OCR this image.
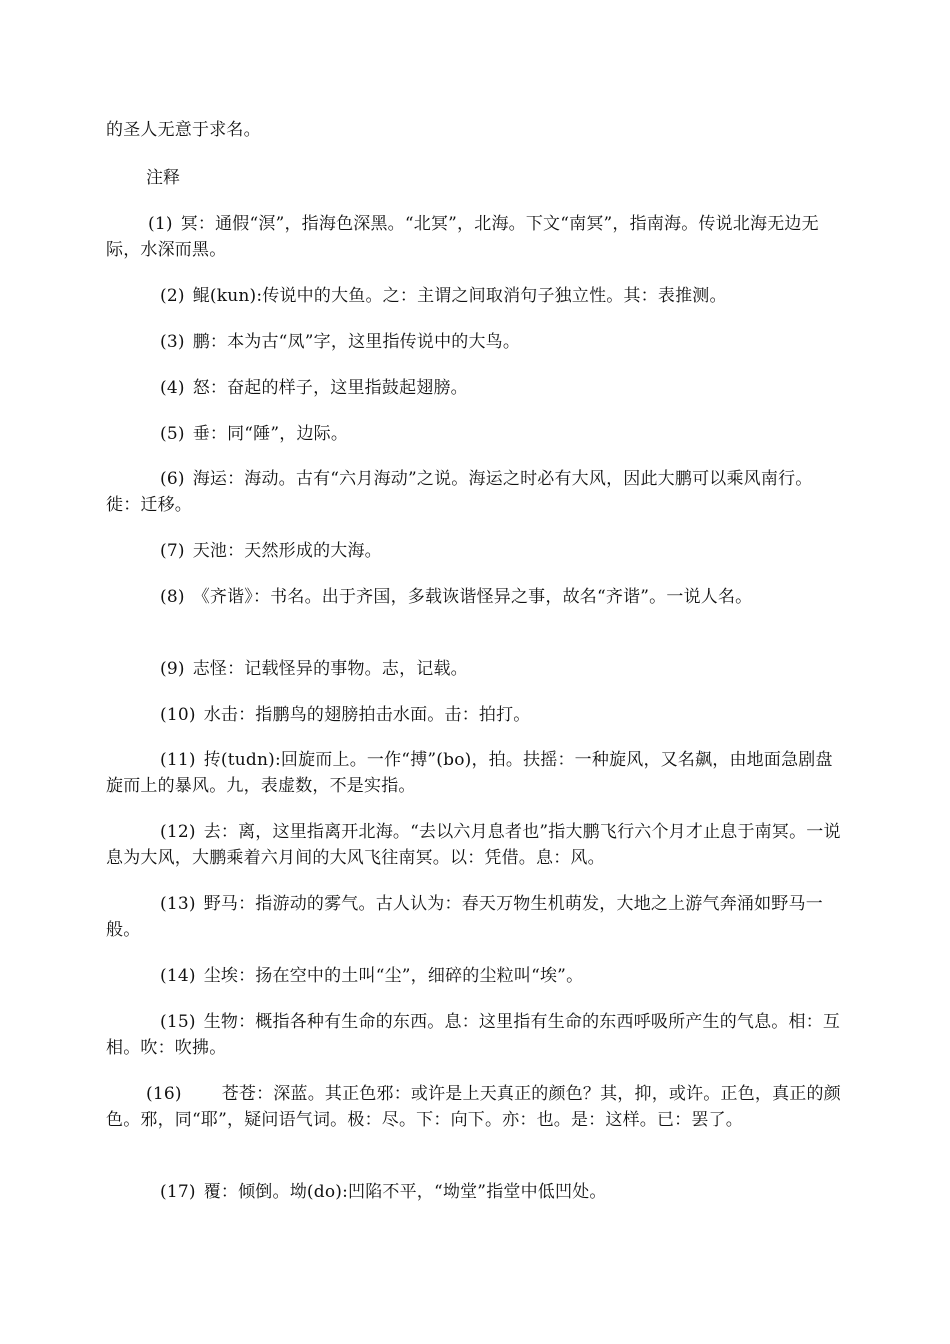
的圣人无意于求名。
注释
(1) 冥：通假“溟”，指海色深黑。“北冥”，北海。下文“南冥”，指南海。传说北海无边无际，水深而黑。
(2) 鲲(kun):传说中的大鱼。之：主谓之间取消句子独立性。其：表推测。
(3) 鹏：本为古“凤”字，这里指传说中的大鸟。
(4) 怒：奋起的样子，这里指鼓起翅膀。
(5) 垂：同“陲”，边际。
(6) 海运：海动。古有“六月海动”之说。海运之时必有大风，因此大鹏可以乘风南行。徙：迁移。
(7) 天池：天然形成的大海。
(8) 《齐谐》：书名。出于齐国，多载诙谐怪异之事，故名“齐谐”。一说人名。
(9) 志怪：记载怪异的事物。志，记载。
(10) 水击：指鹏鸟的翅膀拍击水面。击：拍打。
(11) 抟(tudn):回旋而上。一作“搏”(bo)，拍。扶摇：一种旋风，又名飙，由地面急剧盘旋而上的暴风。九，表虚数，不是实指。
(12) 去：离，这里指离开北海。“去以六月息者也”指大鹏飞行六个月才止息于南冥。一说息为大风，大鹏乘着六月间的大风飞往南冥。以：凭借。息：风。
(13) 野马：指游动的雾气。古人认为：春天万物生机萌发，大地之上游气奔涌如野马一般。
(14) 尘埃：扬在空中的土叫“尘”，细碎的尘粒叫“埃”。
(15) 生物：概指各种有生命的东西。息：这里指有生命的东西呼吸所产生的气息。相：互相。吹：吹拂。
(16) 苍苍：深蓝。其正色邪：或许是上天真正的颜色？其，抑，或许。正色，真正的颜色。邪，同“耶”，疑问语气词。极：尽。下：向下。亦：也。是：这样。已：罢了。
(17) 覆：倾倒。坳(do):凹陷不平，“坳堂”指堂中低凹处。
